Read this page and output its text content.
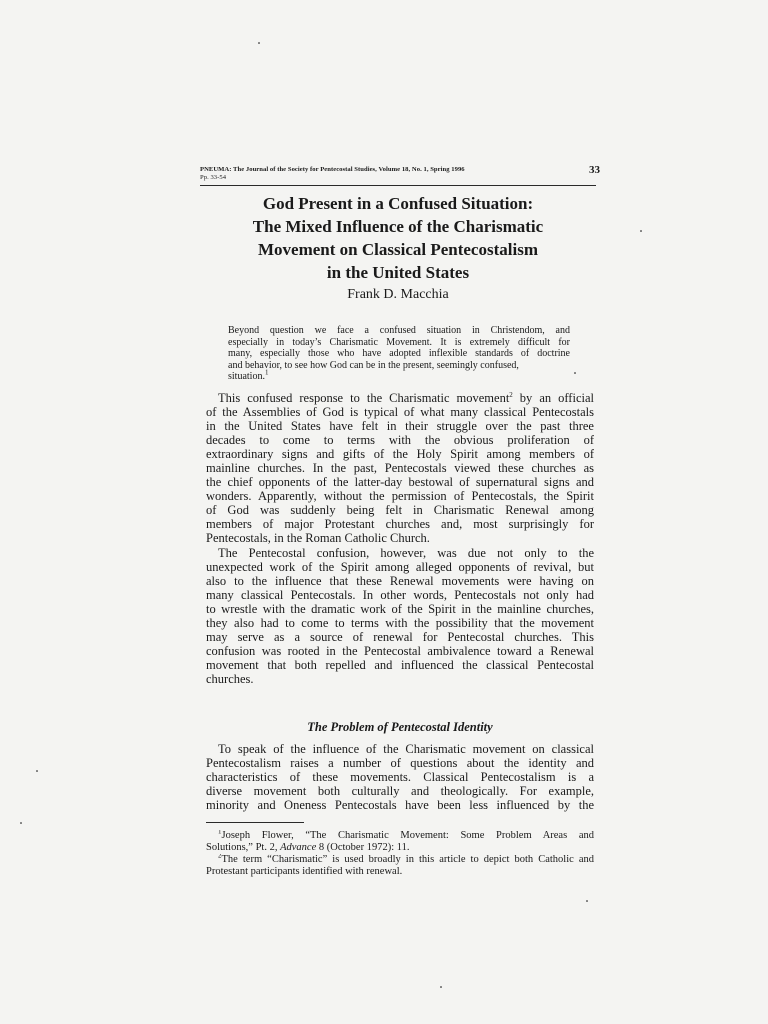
PNEUMA: The Journal of the Society for Pentecostal Studies, Volume 18, No. 1, Spring 1996
Pp. 33-54
33
God Present in a Confused Situation:
The Mixed Influence of the Charismatic
Movement on Classical Pentecostalism
in the United States
Frank D. Macchia
Beyond question we face a confused situation in Christendom, and
especially in today’s Charismatic Movement. It is extremely difficult for
many, especially those who have adopted inflexible standards of doctrine
and behavior, to see how God can be in the present, seemingly confused,
situation.$^1$

This confused response to the Charismatic movement$^2$ by an official
of the Assemblies of God is typical of what many classical Pentecostals
in the United States have felt in their struggle over the past three
decades to come to terms with the obvious proliferation of
extraordinary signs and gifts of the Holy Spirit among members of
mainline churches. In the past, Pentecostals viewed these churches as
the chief opponents of the latter-day bestowal of supernatural signs and
wonders. Apparently, without the permission of Pentecostals, the Spirit
of God was suddenly being felt in Charismatic Renewal among
members of major Protestant churches and, most surprisingly for
Pentecostals, in the Roman Catholic Church.

The Pentecostal confusion, however, was due not only to the
unexpected work of the Spirit among alleged opponents of revival, but
also to the influence that these Renewal movements were having on
many classical Pentecostals. In other words, Pentecostals not only had
to wrestle with the dramatic work of the Spirit in the mainline churches,
they also had to come to terms with the possibility that the movement
may serve as a source of renewal for Pentecostal churches. This
confusion was rooted in the Pentecostal ambivalence toward a Renewal
movement that both repelled and influenced the classical Pentecostal
churches.

The Problem of Pentecostal Identity

To speak of the influence of the Charismatic movement on classical
Pentecostalism raises a number of questions about the identity and
characteristics of these movements. Classical Pentecostalism is a
diverse movement both culturally and theologically. For example,
minority and Oneness Pentecostals have been less influenced by the

$^1$Joseph Flower, “The Charismatic Movement: Some Problem Areas and
Solutions,” Pt. 2, Advance 8 (October 1972): 11.
$^2$The term “Charismatic” is used broadly in this article to depict both Catholic and
Protestant participants identified with renewal.
